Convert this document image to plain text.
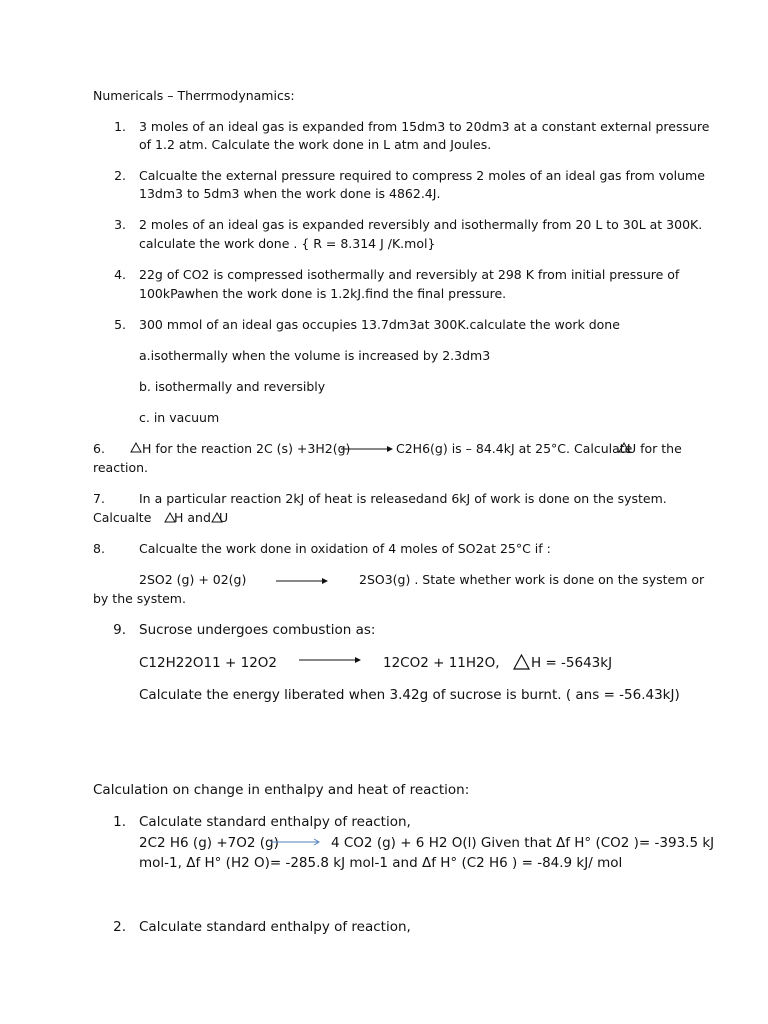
Numericals – Therrmodynamics:
1. 3 moles of an ideal gas is expanded from 15dm3 to 20dm3 at a constant external pressure
of 1.2 atm. Calculate the work done in L atm and Joules.
2. Calcualte the external pressure required to compress 2 moles of an ideal gas from volume
13dm3 to 5dm3 when the work done is 4862.4J.
3. 2 moles of an ideal gas is expanded reversibly and isothermally from 20 L to 30L at 300K.
calculate the work done . { R = 8.314 J /K.mol}
4. 22g of CO2 is compressed isothermally and reversibly at 298 K from initial pressure of
100kPawhen the work done is 1.2kJ.find the final pressure.
5. 300 mmol of an ideal gas occupies 13.7dm3at 300K.calculate the work done
a.isothermally when the volume is increased by 2.3dm3
b. isothermally and reversibly
c. in vacuum
6.	H for the reaction 2C (s) +3H2(g)	C2H6(g) is – 84.4kJ at 25°C. Calculate
U for the
reaction.
7.	In a particular reaction 2kJ of heat is releasedand 6kJ of work is done on the system.
Calcualte H and U
8.	Calcualte the work done in oxidation of 4 moles of SO2at 25°C if :
2SO2 (g) + 02(g)	2SO3(g) . State whether work is done on the system or
by the system.
9. Sucrose undergoes combustion as:
C12H22O11 + 12O2	12CO2 + 11H2O, H = -5643kJ
Calculate the energy liberated when 3.42g of sucrose is burnt. ( ans = -56.43kJ)
Calculation on change in enthalpy and heat of reaction:
1. Calculate standard enthalpy of reaction,
2C2 H6 (g) +7O2 (g)	4 CO2 (g) + 6 H2 O(l) Given that Δf H° (CO2 )= -393.5 kJ
mol-1, Δf H° (H2 O)= -285.8 kJ mol-1 and Δf H° (C2 H6 ) = -84.9 kJ/ mol
2. Calculate standard enthalpy of reaction,
